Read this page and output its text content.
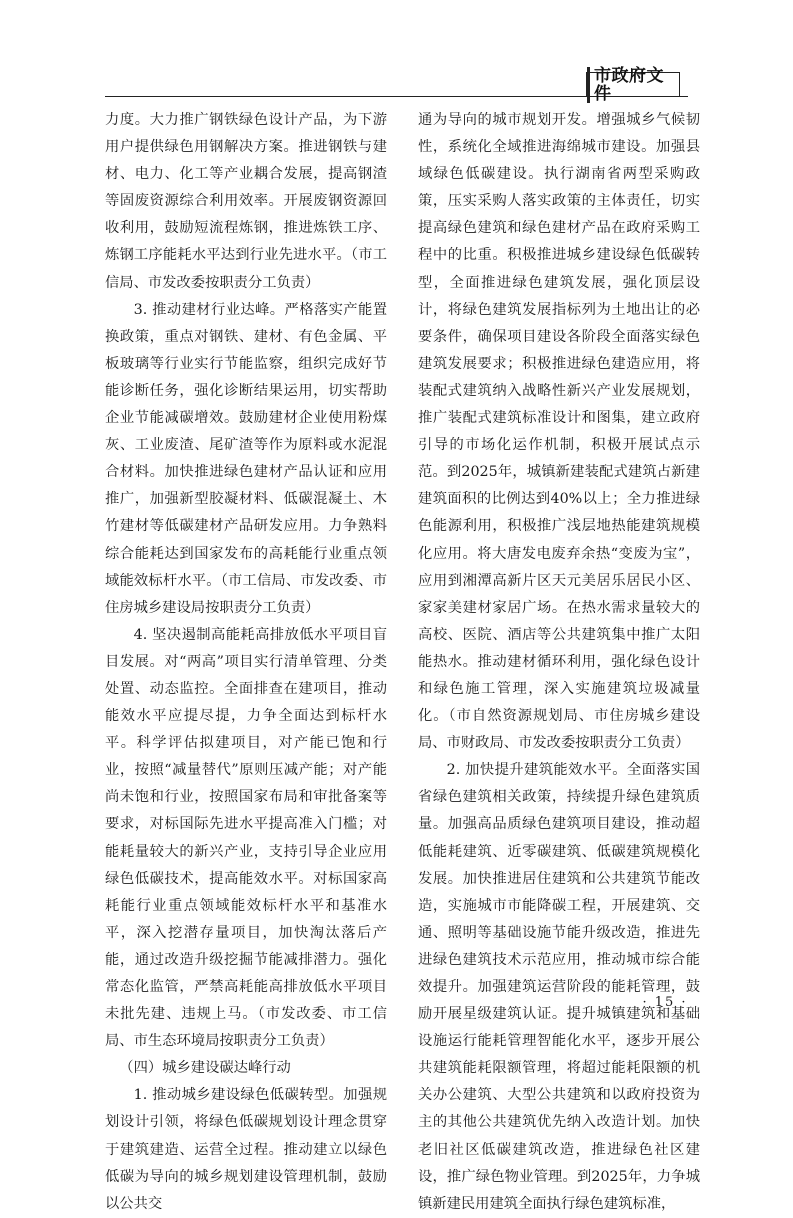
市政府文件

力度。大力推广钢铁绿色设计产品，为下游用户提供绿色用钢解决方案。推进钢铁与建材、电力、化工等产业耦合发展，提高钢渣等固废资源综合利用效率。开展废钢资源回收利用，鼓励短流程炼钢，推进炼铁工序、炼钢工序能耗水平达到行业先进水平。（市工信局、市发改委按职责分工负责）

3. 推动建材行业达峰。严格落实产能置换政策，重点对钢铁、建材、有色金属、平板玻璃等行业实行节能监察，组织完成好节能诊断任务，强化诊断结果运用，切实帮助企业节能减碳增效。鼓励建材企业使用粉煤灰、工业废渣、尾矿渣等作为原料或水泥混合材料。加快推进绿色建材产品认证和应用推广，加强新型胶凝材料、低碳混凝土、木竹建材等低碳建材产品研发应用。力争熟料综合能耗达到国家发布的高耗能行业重点领域能效标杆水平。（市工信局、市发改委、市住房城乡建设局按职责分工负责）

4. 坚决遏制高能耗高排放低水平项目盲目发展。对“两高”项目实行清单管理、分类处置、动态监控。全面排查在建项目，推动能效水平应提尽提，力争全面达到标杆水平。科学评估拟建项目，对产能已饱和行业，按照“减量替代”原则压减产能；对产能尚未饱和行业，按照国家布局和审批备案等要求，对标国际先进水平提高准入门槛；对能耗量较大的新兴产业，支持引导企业应用绿色低碳技术，提高能效水平。对标国家高耗能行业重点领域能效标杆水平和基准水平，深入挖潜存量项目，加快淘汰落后产能，通过改造升级挖掘节能减排潜力。强化常态化监管，严禁高耗能高排放低水平项目未批先建、违规上马。（市发改委、市工信局、市生态环境局按职责分工负责）

（四）城乡建设碳达峰行动

1. 推动城乡建设绿色低碳转型。加强规划设计引领，将绿色低碳规划设计理念贯穿于建筑建造、运营全过程。推动建立以绿色低碳为导向的城乡规划建设管理机制，鼓励以公共交

通为导向的城市规划开发。增强城乡气候韧性，系统化全域推进海绵城市建设。加强县域绿色低碳建设。执行湖南省两型采购政策，压实采购人落实政策的主体责任，切实提高绿色建筑和绿色建材产品在政府采购工程中的比重。积极推进城乡建设绿色低碳转型，全面推进绿色建筑发展，强化顶层设计，将绿色建筑发展指标列为土地出让的必要条件，确保项目建设各阶段全面落实绿色建筑发展要求；积极推进绿色建造应用，将装配式建筑纳入战略性新兴产业发展规划，推广装配式建筑标准设计和图集，建立政府引导的市场化运作机制，积极开展试点示范。到2025年，城镇新建装配式建筑占新建建筑面积的比例达到40%以上；全力推进绿色能源利用，积极推广浅层地热能建筑规模化应用。将大唐发电废弃余热“变废为宝”，应用到湘潭高新片区天元美居乐居民小区、家家美建材家居广场。在热水需求量较大的高校、医院、酒店等公共建筑集中推广太阳能热水。推动建材循环利用，强化绿色设计和绿色施工管理，深入实施建筑垃圾减量化。（市自然资源规划局、市住房城乡建设局、市财政局、市发改委按职责分工负责）

2. 加快提升建筑能效水平。全面落实国省绿色建筑相关政策，持续提升绿色建筑质量。加强高品质绿色建筑项目建设，推动超低能耗建筑、近零碳建筑、低碳建筑规模化发展。加快推进居住建筑和公共建筑节能改造，实施城市市能降碳工程，开展建筑、交通、照明等基础设施节能升级改造，推进先进绿色建筑技术示范应用，推动城市综合能效提升。加强建筑运营阶段的能耗管理，鼓励开展星级建筑认证。提升城镇建筑和基础设施运行能耗管理智能化水平，逐步开展公共建筑能耗限额管理，将超过能耗限额的机关办公建筑、大型公共建筑和以政府投资为主的其他公共建筑优先纳入改造计划。加快老旧社区低碳建筑改造，推进绿色社区建设，推广绿色物业管理。到2025年，力争城镇新建民用建筑全面执行绿色建筑标准，

· 15 ·
